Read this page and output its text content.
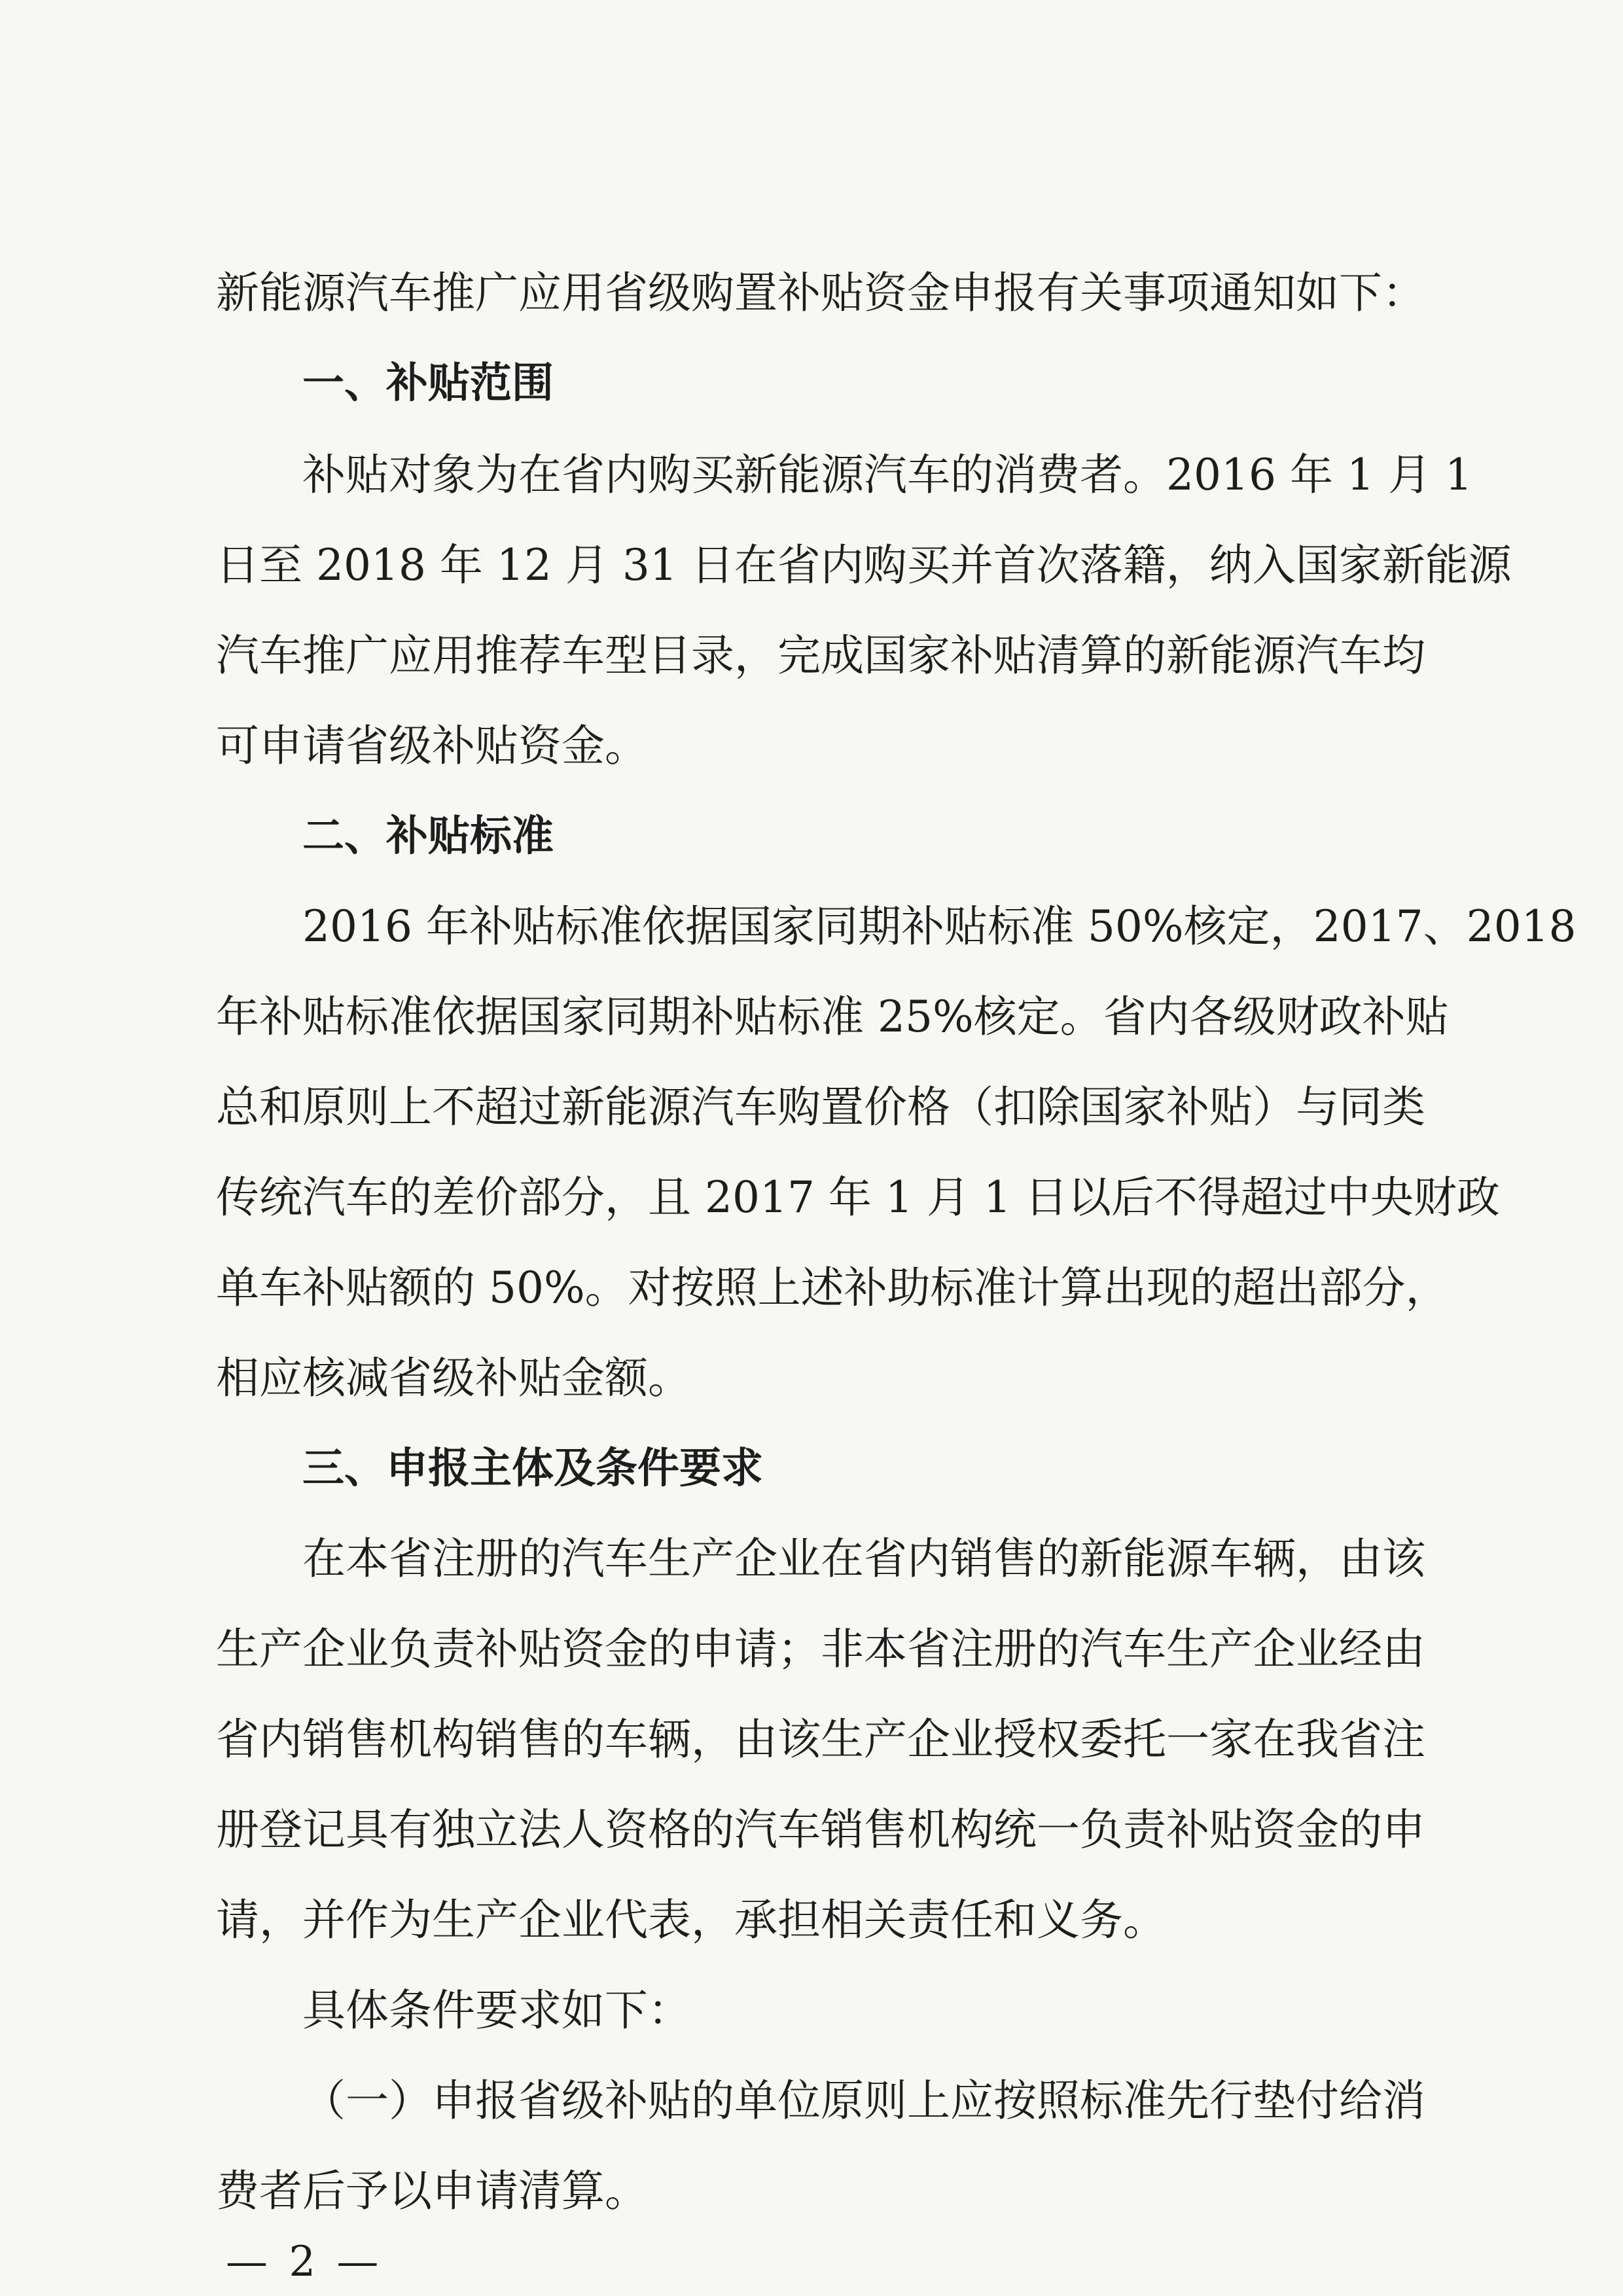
新能源汽车推广应用省级购置补贴资金申报有关事项通知如下：
一、补贴范围
补贴对象为在省内购买新能源汽车的消费者。2016 年 1 月 1
日至 2018 年 12 月 31 日在省内购买并首次落籍，纳入国家新能源
汽车推广应用推荐车型目录，完成国家补贴清算的新能源汽车均
可申请省级补贴资金。
二、补贴标准
2016 年补贴标准依据国家同期补贴标准 50%核定，2017、2018
年补贴标准依据国家同期补贴标准 25%核定。省内各级财政补贴
总和原则上不超过新能源汽车购置价格（扣除国家补贴）与同类
传统汽车的差价部分，且 2017 年 1 月 1 日以后不得超过中央财政
单车补贴额的 50%。对按照上述补助标准计算出现的超出部分，
相应核减省级补贴金额。
三、申报主体及条件要求
在本省注册的汽车生产企业在省内销售的新能源车辆，由该
生产企业负责补贴资金的申请；非本省注册的汽车生产企业经由
省内销售机构销售的车辆，由该生产企业授权委托一家在我省注
册登记具有独立法人资格的汽车销售机构统一负责补贴资金的申
请，并作为生产企业代表，承担相关责任和义务。
具体条件要求如下：
（一）申报省级补贴的单位原则上应按照标准先行垫付给消
费者后予以申请清算。
— 2 —
